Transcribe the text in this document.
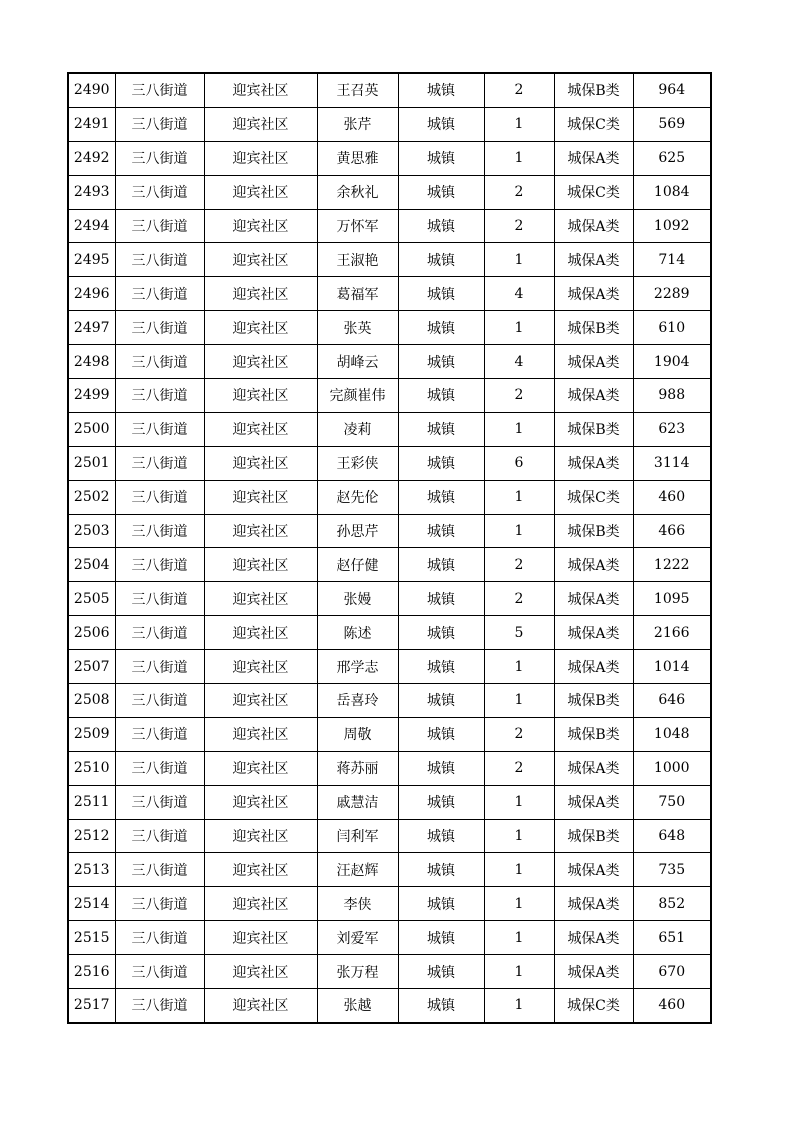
2490	三八街道	迎宾社区	王召英	城镇	2	城保B类	964
2491	三八街道	迎宾社区	张芹	城镇	1	城保C类	569
2492	三八街道	迎宾社区	黄思雅	城镇	1	城保A类	625
2493	三八街道	迎宾社区	余秋礼	城镇	2	城保C类	1084
2494	三八街道	迎宾社区	万怀军	城镇	2	城保A类	1092
2495	三八街道	迎宾社区	王淑艳	城镇	1	城保A类	714
2496	三八街道	迎宾社区	葛福军	城镇	4	城保A类	2289
2497	三八街道	迎宾社区	张英	城镇	1	城保B类	610
2498	三八街道	迎宾社区	胡峰云	城镇	4	城保A类	1904
2499	三八街道	迎宾社区	完颜崔伟	城镇	2	城保A类	988
2500	三八街道	迎宾社区	凌莉	城镇	1	城保B类	623
2501	三八街道	迎宾社区	王彩侠	城镇	6	城保A类	3114
2502	三八街道	迎宾社区	赵先伦	城镇	1	城保C类	460
2503	三八街道	迎宾社区	孙思芹	城镇	1	城保B类	466
2504	三八街道	迎宾社区	赵仔健	城镇	2	城保A类	1222
2505	三八街道	迎宾社区	张嫚	城镇	2	城保A类	1095
2506	三八街道	迎宾社区	陈述	城镇	5	城保A类	2166
2507	三八街道	迎宾社区	邢学志	城镇	1	城保A类	1014
2508	三八街道	迎宾社区	岳喜玲	城镇	1	城保B类	646
2509	三八街道	迎宾社区	周敬	城镇	2	城保B类	1048
2510	三八街道	迎宾社区	蒋苏丽	城镇	2	城保A类	1000
2511	三八街道	迎宾社区	戚慧洁	城镇	1	城保A类	750
2512	三八街道	迎宾社区	闫利军	城镇	1	城保B类	648
2513	三八街道	迎宾社区	汪赵辉	城镇	1	城保A类	735
2514	三八街道	迎宾社区	李侠	城镇	1	城保A类	852
2515	三八街道	迎宾社区	刘爱军	城镇	1	城保A类	651
2516	三八街道	迎宾社区	张万程	城镇	1	城保A类	670
2517	三八街道	迎宾社区	张越	城镇	1	城保C类	460
